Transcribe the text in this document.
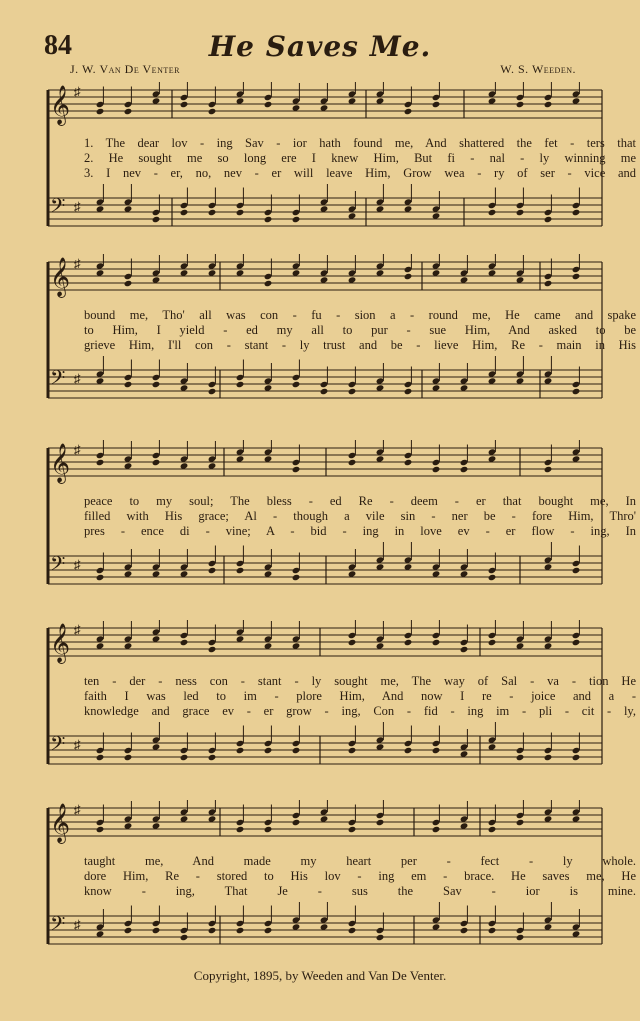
84	He Saves Me.
J. W. Van De Venter	W. S. Weeden.
𝄞 ♯
𝄢 ♯
1. The dear lov - ing Sav - ior hath found me, And shattered the fet - ters that
2. He sought me so long ere I knew Him, But fi - nal - ly winning me
3. I nev - er, no, nev - er will leave Him, Grow wea - ry of ser - vice and
𝄞 ♯
𝄢 ♯
bound me, Tho' all was con - fu - sion a - round me, He came and spake
to Him, I yield - ed my all to pur - sue Him, And asked to be
grieve Him, I'll con - stant - ly trust and be - lieve Him, Re - main in His
𝄞 ♯
𝄢 ♯
peace to my soul; The bless - ed Re - deem - er that bought me, In
filled with His grace; Al - though a vile sin - ner be - fore Him, Thro'
pres - ence di - vine; A - bid - ing in love ev - er flow - ing, In
𝄞 ♯
𝄢 ♯
ten - der - ness con - stant - ly sought me, The way of Sal - va - tion He
faith I was led to im - plore Him, And now I re - joice and a -
knowledge and grace ev - er grow - ing, Con - fid - ing im - pli - cit - ly,
𝄞 ♯
𝄢 ♯
taught me, And made my heart per - fect - ly whole.
dore Him, Re - stored to His lov - ing em - brace. He saves me, He
know - ing, That Je - sus the Sav - ior is mine.
Copyright, 1895, by Weeden and Van De Venter.
